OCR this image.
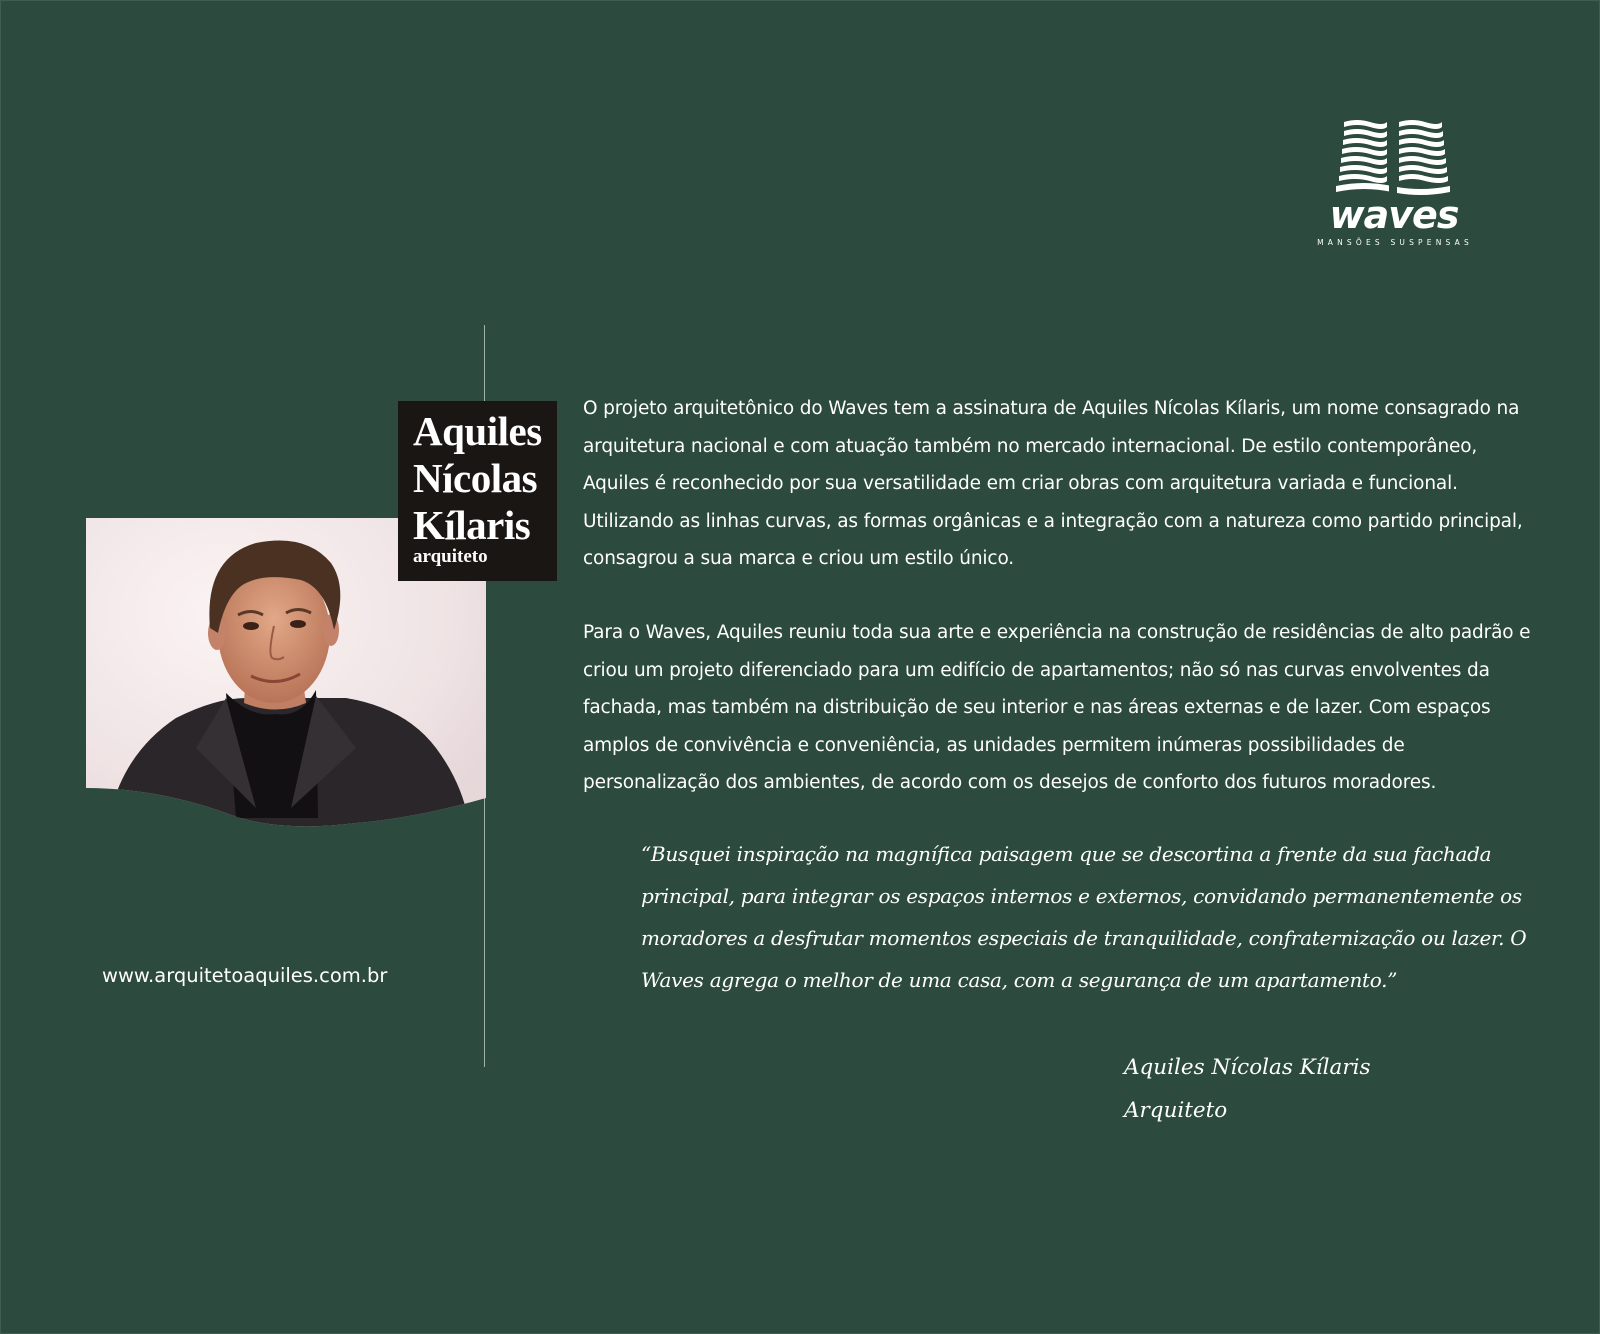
waves
MANSÕES SUSPENSAS
Aquiles
Nícolas
Kílaris
arquiteto
www.arquitetoaquiles.com.br

O projeto arquitetônico do Waves tem a assinatura de Aquiles Nícolas Kílaris, um nome consagrado na arquitetura nacional e com atuação também no mercado internacional. De estilo contemporâneo, Aquiles é reconhecido por sua versatilidade em criar obras com arquitetura variada e funcional. Utilizando as linhas curvas, as formas orgânicas e a integração com a natureza como partido principal, consagrou a sua marca e criou um estilo único.

Para o Waves, Aquiles reuniu toda sua arte e experiência na construção de residências de alto padrão e criou um projeto diferenciado para um edifício de apartamentos; não só nas curvas envolventes da fachada, mas também na distribuição de seu interior e nas áreas externas e de lazer. Com espaços amplos de convivência e conveniência, as unidades permitem inúmeras possibilidades de personalização dos ambientes, de acordo com os desejos de conforto dos futuros moradores.

“Busquei inspiração na magnífica paisagem que se descortina a frente da sua fachada principal, para integrar os espaços internos e externos, convidando permanentemente os moradores a desfrutar momentos especiais de tranquilidade, confraternização ou lazer. O Waves agrega o melhor de uma casa, com a segurança de um apartamento.”

Aquiles Nícolas Kílaris
Arquiteto
